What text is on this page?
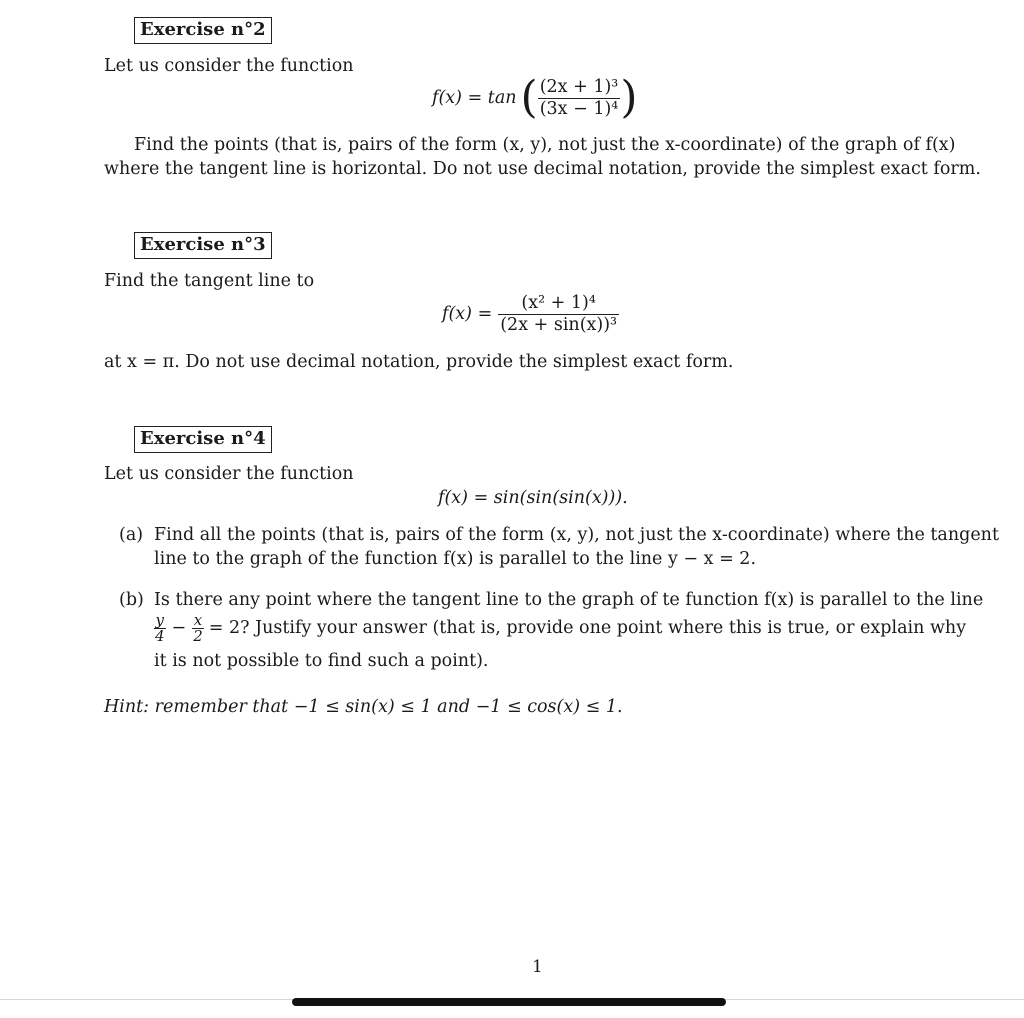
Exercise n°2
Let us consider the function
f(x) = tan ( $\frac{\text{(2x + 1)³}}{\text{(3x − 1)⁴}}$ )
Find the points (that is, pairs of the form (x, y), not just the x-coordinate) of the graph of f(x)
where the tangent line is horizontal. Do not use decimal notation, provide the simplest exact form.
Exercise n°3
Find the tangent line to
$f(x) = \frac{\text{(x² + 1)⁴}}{\text{(2x + sin(x))³}}$
at x = π. Do not use decimal notation, provide the simplest exact form.
Exercise n°4
Let us consider the function
f(x) = sin(sin(sin(x))).
(a) Find all the points (that is, pairs of the form (x, y), not just the x-coordinate) where the tangent
line to the graph of the function f(x) is parallel to the line y − x = 2.
(b) Is there any point where the tangent line to the graph of te function f(x) is parallel to the line
$\frac{y}{4} - \frac{x}{2} = 2$? Justify your answer (that is, provide one point where this is true, or explain why
it is not possible to find such a point).
Hint: remember that −1 ≤ sin(x) ≤ 1 and −1 ≤ cos(x) ≤ 1.
1
